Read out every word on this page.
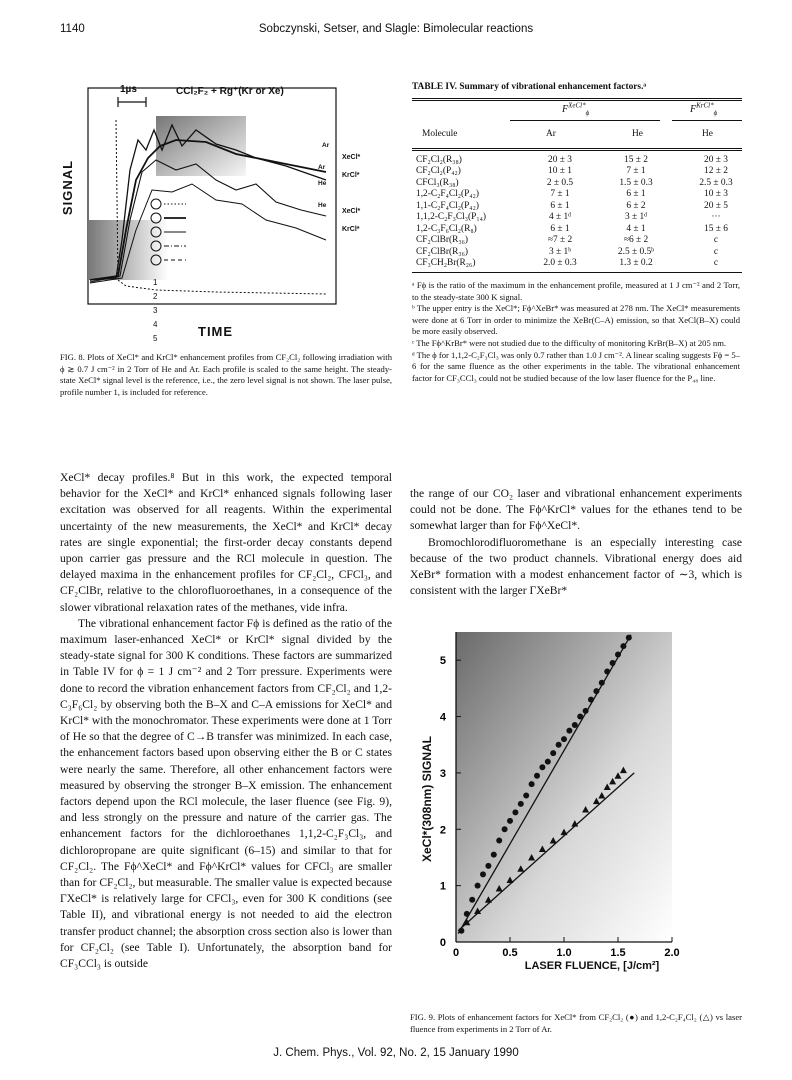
1140	Sobczynski, Setser, and Slagle: Bimolecular reactions
1
2
3
4
5
1µs	CCl₂F₂ + Rg⁺(Kr or Xe)
SIGNAL
XeCl*
KrCl*
XeCl*
KrCl*
Ar
Ar
He
He
TIME
FIG. 8. Plots of XeCl* and KrCl* enhancement profiles from CF₂Cl₂ following irradiation with ϕ ≳ 0.7 J cm⁻² in 2 Torr of He and Ar. Each profile is scaled to the same height. The steady-state XeCl* signal level is the reference, i.e., the zero level signal is not shown. The laser pulse, profile number 1, is included for reference.
TABLE IV. Summary of vibrational enhancement factors.ᵃ
$F^{XeCl*}_\phi$	$F^{KrCl*}_\phi$
Molecule	Ar	He	He
CF₂Cl₂(R₃₈)	20 ± 3	15 ± 2	20 ± 3
CF₂Cl₂(P₄₂)	10 ± 1	7 ± 1	12 ± 2
CFCl₃(R₃₈)	2 ± 0.5	1.5 ± 0.3	2.5 ± 0.3
1,2-C₂F₄Cl₂(P₄₂)	7 ± 1	6 ± 1	10 ± 3
1,1-C₂F₄Cl₂(P₄₂)	6 ± 1	6 ± 2	20 ± 5
1,1,2-C₂F₃Cl₃(P₁₄)	4 ± 1ᵈ	3 ± 1ᵈ	···
1,2-C₃F₆Cl₂(R₈)	6 ± 1	4 ± 1	15 ± 6
CF₂ClBr(R₃₆)	≈7 ± 2	≈6 ± 2	c
CF₂ClBr(R₃₆)	3 ± 1ᵇ	2.5 ± 0.5ᵇ	c
CF₃CH₂Br(R₂₆)	2.0 ± 0.3	1.3 ± 0.2	c

ᵃ Fϕ is the ratio of the maximum in the enhancement profile, measured at 1 J cm⁻² and 2 Torr, to the steady-state 300 K signal.

ᵇ The upper entry is the XeCl*; Fϕ^XeBr* was measured at 278 nm. The XeCl* measurements were done at 6 Torr in order to minimize the XeBr(C–A) emission, so that XeCl(B–X) could be more easily observed.

ᶜ The Fϕ^KrBr* were not studied due to the difficulty of monitoring KrBr(B–X) at 205 nm.

ᵈ The ϕ for 1,1,2-C₂F₃Cl₃ was only 0.7 rather than 1.0 J cm⁻². A linear scaling suggests Fϕ = 5–6 for the same fluence as the other experiments in the table. The vibrational enhancement factor for CF₃CCl₃ could not be studied because of the low laser fluence for the P₄₈ line.

XeCl* decay profiles.⁸ But in this work, the expected temporal behavior for the XeCl* and KrCl* enhanced signals following laser excitation was observed for all reagents. Within the experimental uncertainty of the new measurements, the XeCl* and KrCl* decay rates are single exponential; the first-order decay constants depend upon carrier gas pressure and the RCl molecule in question. The delayed maxima in the enhancement profiles for CF₂Cl₂, CFCl₃, and CF₂ClBr, relative to the chlorofluoroethanes, in a consequence of the slower vibrational relaxation rates of the methanes, vide infra.

The vibrational enhancement factor Fϕ is defined as the ratio of the maximum laser-enhanced XeCl* or KrCl* signal divided by the steady-state signal for 300 K conditions. These factors are summarized in Table IV for ϕ = 1 J cm⁻² and 2 Torr pressure. Experiments were done to record the vibration enhancement factors from CF₂Cl₂ and 1,2-C₃F₆Cl₂ by observing both the B–X and C–A emissions for XeCl* and KrCl* with the monochromator. These experiments were done at 1 Torr of He so that the degree of C→B transfer was minimized. In each case, the enhancement factors based upon observing either the B or C states were nearly the same. Therefore, all other enhancement factors were measured by observing the stronger B–X emission. The enhancement factors depend upon the RCl molecule, the laser fluence (see Fig. 9), and less strongly on the pressure and nature of the carrier gas. The enhancement factors for the dichloroethanes 1,1,2-C₂F₃Cl₃, and dichloropropane are quite significant (6–15) and similar to that for CF₂Cl₂. The Fϕ^XeCl* and Fϕ^KrCl* values for CFCl₃ are smaller than for CF₂Cl₂, but measurable. The smaller value is expected because ΓXeCl* is relatively large for CFCl₃, even for 300 K conditions (see Table II), and vibrational energy is not needed to aid the electron transfer product channel; the absorption cross section also is lower than for CF₂Cl₂ (see Table I). Unfortunately, the absorption band for CF₃CCl₃ is outside

the range of our CO₂ laser and vibrational enhancement experiments could not be done. The Fϕ^KrCl* values for the ethanes tend to be somewhat larger than for Fϕ^XeCl*.

Bromochlorodifluoromethane is an especially interesting case because of the two product channels. Vibrational energy does aid XeBr* formation with a modest enhancement factor of ∼3, which is consistent with the larger ΓXeBr*

0	0.5	1.0	1.5	2.0
0
1
2
3
4
5
XeCl*(308nm) SIGNAL
LASER FLUENCE, [J/cm²]
FIG. 9. Plots of enhancement factors for XeCl* from CF₂Cl₂ (●) and 1,2-C₂F₄Cl₂ (△) vs laser fluence from experiments in 2 Torr of Ar.
J. Chem. Phys., Vol. 92, No. 2, 15 January 1990
